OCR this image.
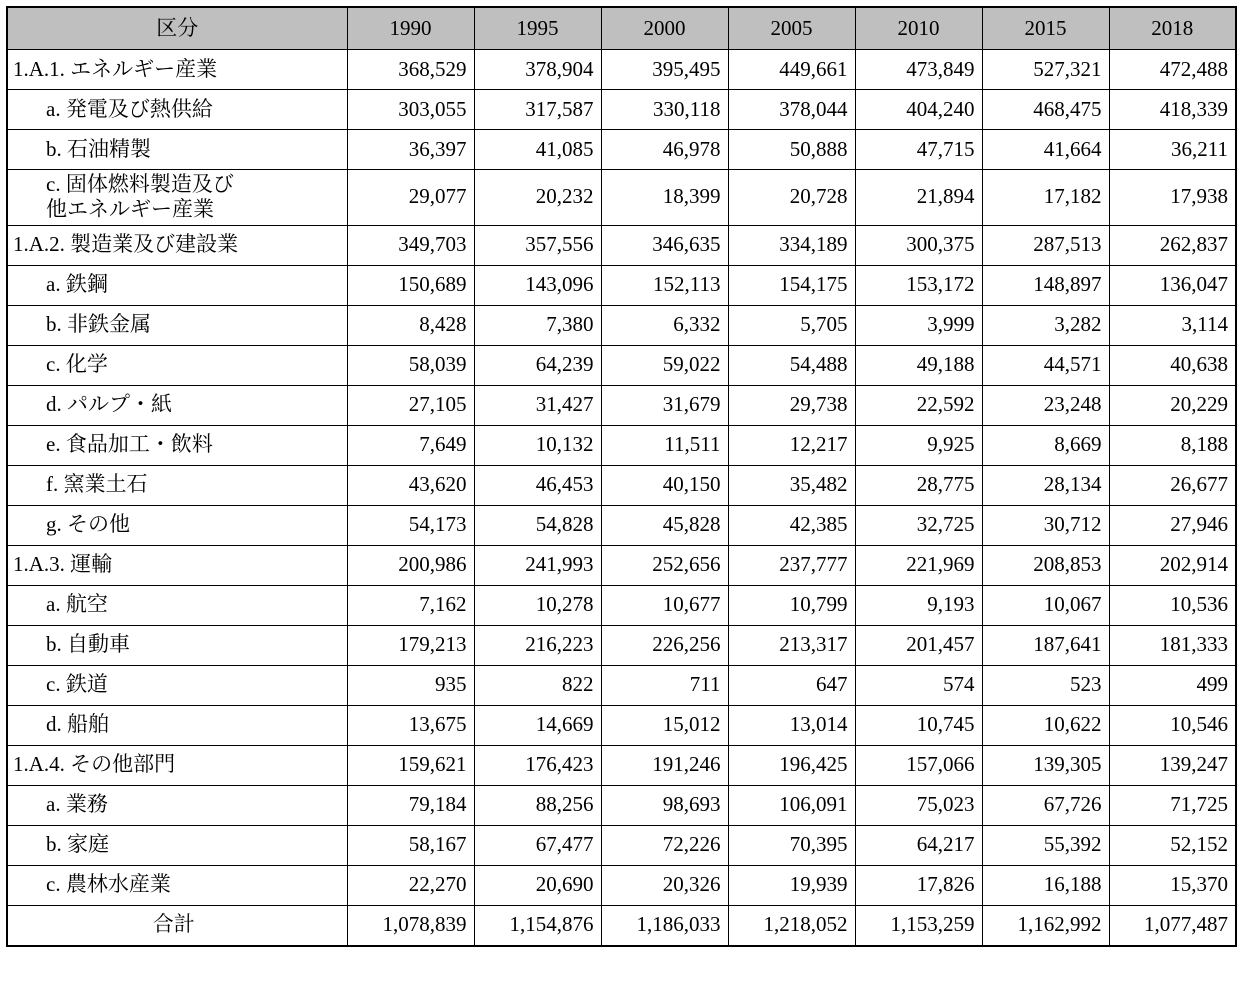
区分	1990	1995	2000	2005	2010	2015	2018
1.A.1. エネルギー産業	368,529	378,904	395,495	449,661	473,849	527,321	472,488
a. 発電及び熱供給	303,055	317,587	330,118	378,044	404,240	468,475	418,339
b. 石油精製	36,397	41,085	46,978	50,888	47,715	41,664	36,211
c. 固体燃料製造及び
他エネルギー産業	29,077	20,232	18,399	20,728	21,894	17,182	17,938
1.A.2. 製造業及び建設業	349,703	357,556	346,635	334,189	300,375	287,513	262,837
a. 鉄鋼	150,689	143,096	152,113	154,175	153,172	148,897	136,047
b. 非鉄金属	8,428	7,380	6,332	5,705	3,999	3,282	3,114
c. 化学	58,039	64,239	59,022	54,488	49,188	44,571	40,638
d. パルプ・紙	27,105	31,427	31,679	29,738	22,592	23,248	20,229
e. 食品加工・飲料	7,649	10,132	11,511	12,217	9,925	8,669	8,188
f. 窯業土石	43,620	46,453	40,150	35,482	28,775	28,134	26,677
g. その他	54,173	54,828	45,828	42,385	32,725	30,712	27,946
1.A.3. 運輸	200,986	241,993	252,656	237,777	221,969	208,853	202,914
a. 航空	7,162	10,278	10,677	10,799	9,193	10,067	10,536
b. 自動車	179,213	216,223	226,256	213,317	201,457	187,641	181,333
c. 鉄道	935	822	711	647	574	523	499
d. 船舶	13,675	14,669	15,012	13,014	10,745	10,622	10,546
1.A.4. その他部門	159,621	176,423	191,246	196,425	157,066	139,305	139,247
a. 業務	79,184	88,256	98,693	106,091	75,023	67,726	71,725
b. 家庭	58,167	67,477	72,226	70,395	64,217	55,392	52,152
c. 農林水産業	22,270	20,690	20,326	19,939	17,826	16,188	15,370
合計	1,078,839	1,154,876	1,186,033	1,218,052	1,153,259	1,162,992	1,077,487
